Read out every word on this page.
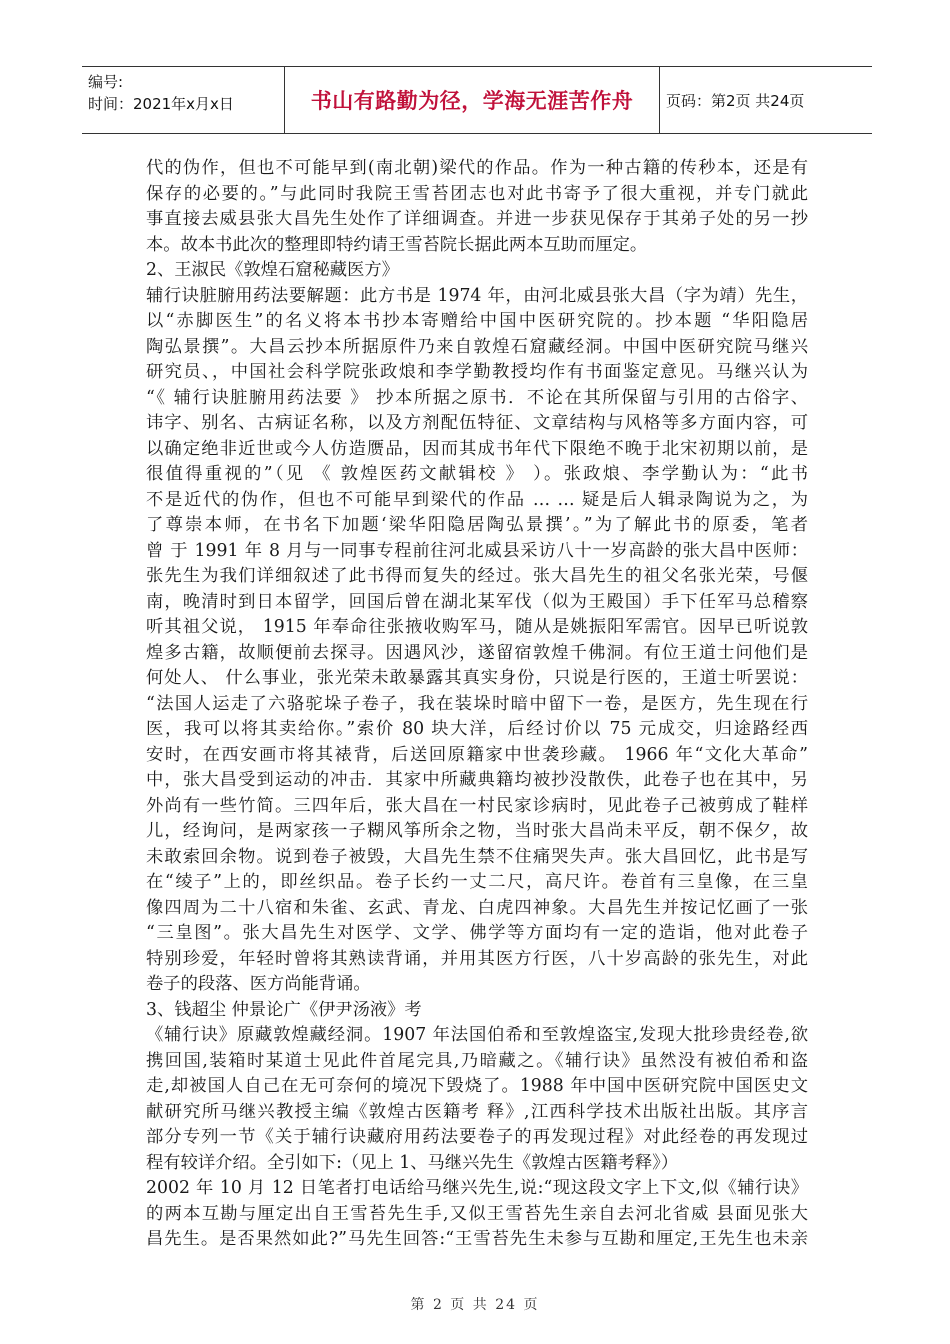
编号:
时间：2021年x月x日	书山有路勤为径，学海无涯苦作舟 页码：第2页 共24页
代的伪作，但也不可能早到(南北朝)梁代的作品。作为一种古籍的传秒本，还是有
保存的必要的。”与此同时我院王雪苔团志也对此书寄予了很大重视，并专门就此
事直接去威县张大昌先生处作了详细调查。并进一步获见保存于其弟子处的另一抄
本。故本书此次的整理即特约请王雪苔院长据此两本互助而厘定。
2、王淑民《敦煌石窟秘藏医方》
辅行诀脏腑用药法要解题：此方书是 1974 年，由河北威县张大昌（字为靖）先生，
以“赤脚医生”的名义将本书抄本寄赠给中国中医研究院的。抄本题 “华阳隐居
陶弘景撰”。大昌云抄本所据原件乃来自敦煌石窟藏经洞。中国中医研究院马继兴
研究员、，中国社会科学院张政烺和李学勤教授均作有书面鉴定意见。马继兴认为
“《 辅行诀脏腑用药法要 》 抄本所据之原书．不论在其所保留与引用的古俗字、
讳字、别名、古病证名称，以及方剂配伍特征、文章结构与风格等多方面内容，可
以确定绝非近世或今人仿造赝品，因而其成书年代下限绝不晚于北宋初期以前，是
很值得重视的”（见 《 敦煌医药文献辑校 》 ）。张政烺、李学勤认为：“此书
不是近代的伪作，但也不可能早到梁代的作品 … … 疑是后人辑录陶说为之，为
了尊崇本师，在书名下加题‘梁华阳隐居陶弘景撰’。”为了解此书的原委，笔者
曾 于 1991 年 8 月与一同事专程前往河北威县采访八十一岁高龄的张大昌中医师：
张先生为我们详细叙述了此书得而复失的经过。张大昌先生的祖父名张光荣，号偃
南，晚清时到日本留学，回国后曾在湖北某军伐（似为王殿国）手下任军马总稽察
听其祖父说， 1915 年奉命往张掖收购军马，随从是姚振阳军需官。因早已听说敦
煌多古籍，故顺便前去探寻。因遇风沙，遂留宿敦煌千佛洞。有位王道士问他们是
何处人、 什么事业，张光荣未敢暴露其真实身份，只说是行医的，王道士听罢说：
“法国人运走了六骆驼垛子卷子，我在装垛时暗中留下一卷，是医方，先生现在行
医，我可以将其卖给你。”索价 80 块大洋，后经讨价以 75 元成交，归途路经西
安时，在西安画市将其裱背，后送回原籍家中世袭珍藏。 1966 年“文化大革命”
中，张大昌受到运动的冲击．其家中所藏典籍均被抄没散佚，此卷子也在其中，另
外尚有一些竹简。三四年后，张大昌在一村民家诊病时，见此卷子己被剪成了鞋样
儿，经询问，是两家孩一子糊风筝所余之物，当时张大昌尚未平反，朝不保夕，故
未敢索回余物。说到卷子被毁，大昌先生禁不住痛哭失声。张大昌回忆，此书是写
在“绫子”上的，即丝织品。卷子长约一丈二尺，高尺许。卷首有三皇像，在三皇
像四周为二十八宿和朱雀、玄武、青龙、白虎四神象。大昌先生并按记忆画了一张
“三皇图”。张大昌先生对医学、文学、佛学等方面均有一定的造诣，他对此卷子
特别珍爱，年轻时曾将其熟读背诵，并用其医方行医，八十岁高龄的张先生，对此
卷子的段落、医方尚能背诵。
3、钱超尘 仲景论广《伊尹汤液》考
《辅行诀》原藏敦煌藏经洞。1907 年法国伯希和至敦煌盗宝,发现大批珍贵经卷,欲
携回国,装箱时某道士见此件首尾完具,乃暗藏之。《辅行诀》虽然没有被伯希和盗
走,却被国人自己在无可奈何的境况下毁烧了。1988 年中国中医研究院中国医史文
献研究所马继兴教授主编《敦煌古医籍考 释》,江西科学技术出版社出版。其序言
部分专列一节《关于辅行诀藏府用药法要卷子的再发现过程》对此经卷的再发现过
程有较详介绍。全引如下:（见上 1、马继兴先生《敦煌古医籍考释》）
2002 年 10 月 12 日笔者打电话给马继兴先生,说:“现这段文字上下文,似《辅行诀》
的两本互勘与厘定出自王雪苔先生手,又似王雪苔先生亲自去河北省威 县面见张大
昌先生。是否果然如此?”马先生回答:“王雪苔先生未参与互勘和厘定,王先生也未亲
第 2 页 共 24 页
